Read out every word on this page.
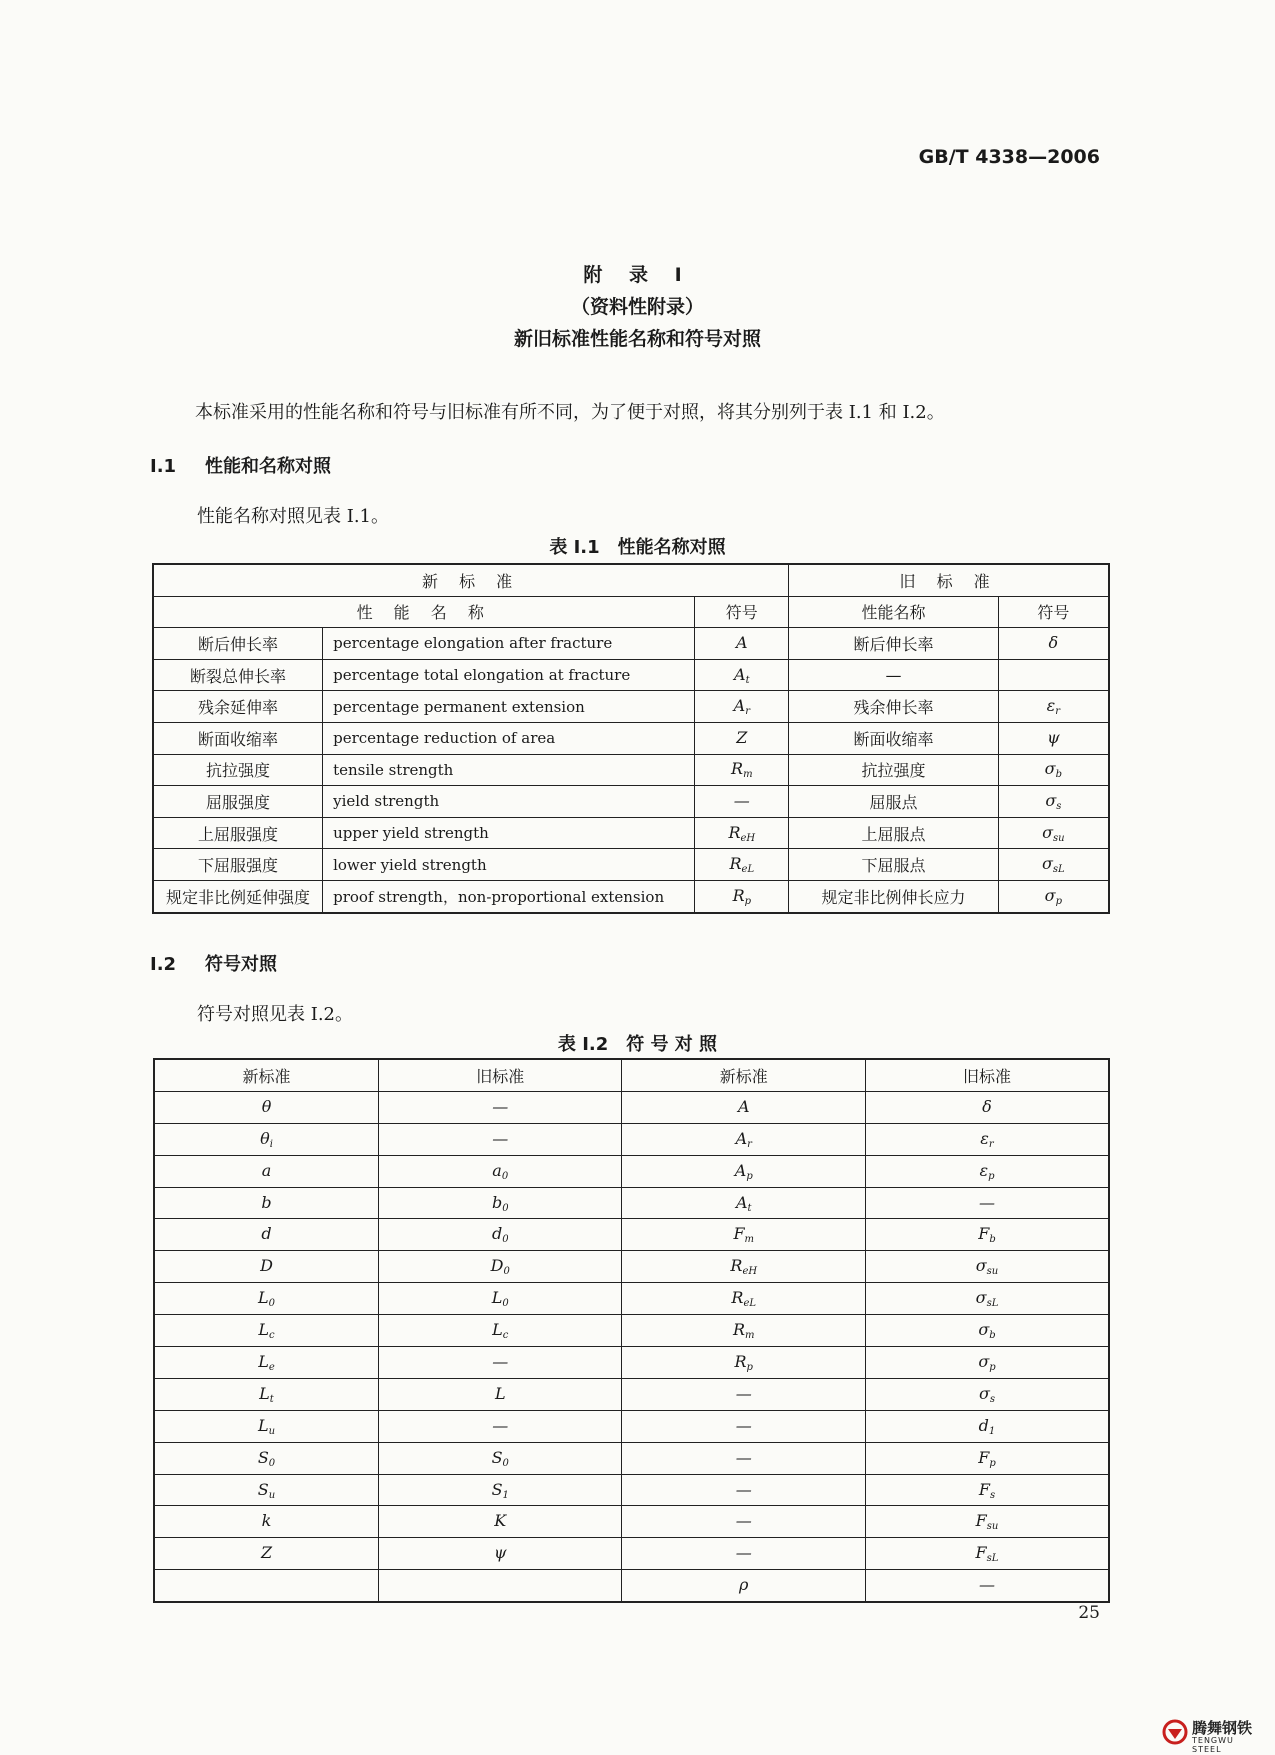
GB/T 4338—2006
附 录 I
（资料性附录）
新旧标准性能名称和符号对照
本标准采用的性能名称和符号与旧标准有所不同，为了便于对照，将其分别列于表 I.1 和 I.2。
I.1 性能和名称对照
性能名称对照见表 I.1。
表 I.1　性能名称对照
新 标 准			旧 标 准	
性 能 名 称		符号	性能名称	符号
断后伸长率	percentage elongation after fracture	A	断后伸长率	δ
断裂总伸长率	percentage total elongation at fracture	$A_t$	—	
残余延伸率	percentage permanent extension	$A_r$	残余伸长率	$\varepsilon_r$
断面收缩率	percentage reduction of area	Z	断面收缩率	ψ
抗拉强度	tensile strength	$R_m$	抗拉强度	$\sigma_b$
屈服强度	yield strength	—	屈服点	$\sigma_s$
上屈服强度	upper yield strength	$R_{eH}$	上屈服点	$\sigma_{su}$
下屈服强度	lower yield strength	$R_{eL}$	下屈服点	$\sigma_{sL}$
规定非比例延伸强度	proof strength，non-proportional extension	$R_p$	规定非比例伸长应力	$\sigma_p$
I.2 符号对照
符号对照见表 I.2。
表 I.2　符 号 对 照
新标准	旧标准	新标准	旧标准
θ	—	A	δ
$\theta_i$	—	$A_r$	$\varepsilon_r$
a	$a_0$	$A_p$	$\varepsilon_p$
b	$b_0$	$A_t$	—
d	$d_0$	$F_m$	$F_b$
D	$D_0$	$R_{eH}$	$\sigma_{su}$
$L_0$	$L_0$	$R_{eL}$	$\sigma_{sL}$
$L_c$	$L_c$	$R_m$	$\sigma_b$
$L_e$	—	$R_p$	$\sigma_p$
$L_t$	L	—	$\sigma_s$
$L_u$	—	—	$d_1$
$S_0$	$S_0$	—	$F_p$
$S_u$	$S_1$	—	$F_s$
k	K	—	$F_{su}$
Z	ψ	—	$F_{sL}$
		ρ	—
25
腾舞钢铁
TENGWU STEEL
